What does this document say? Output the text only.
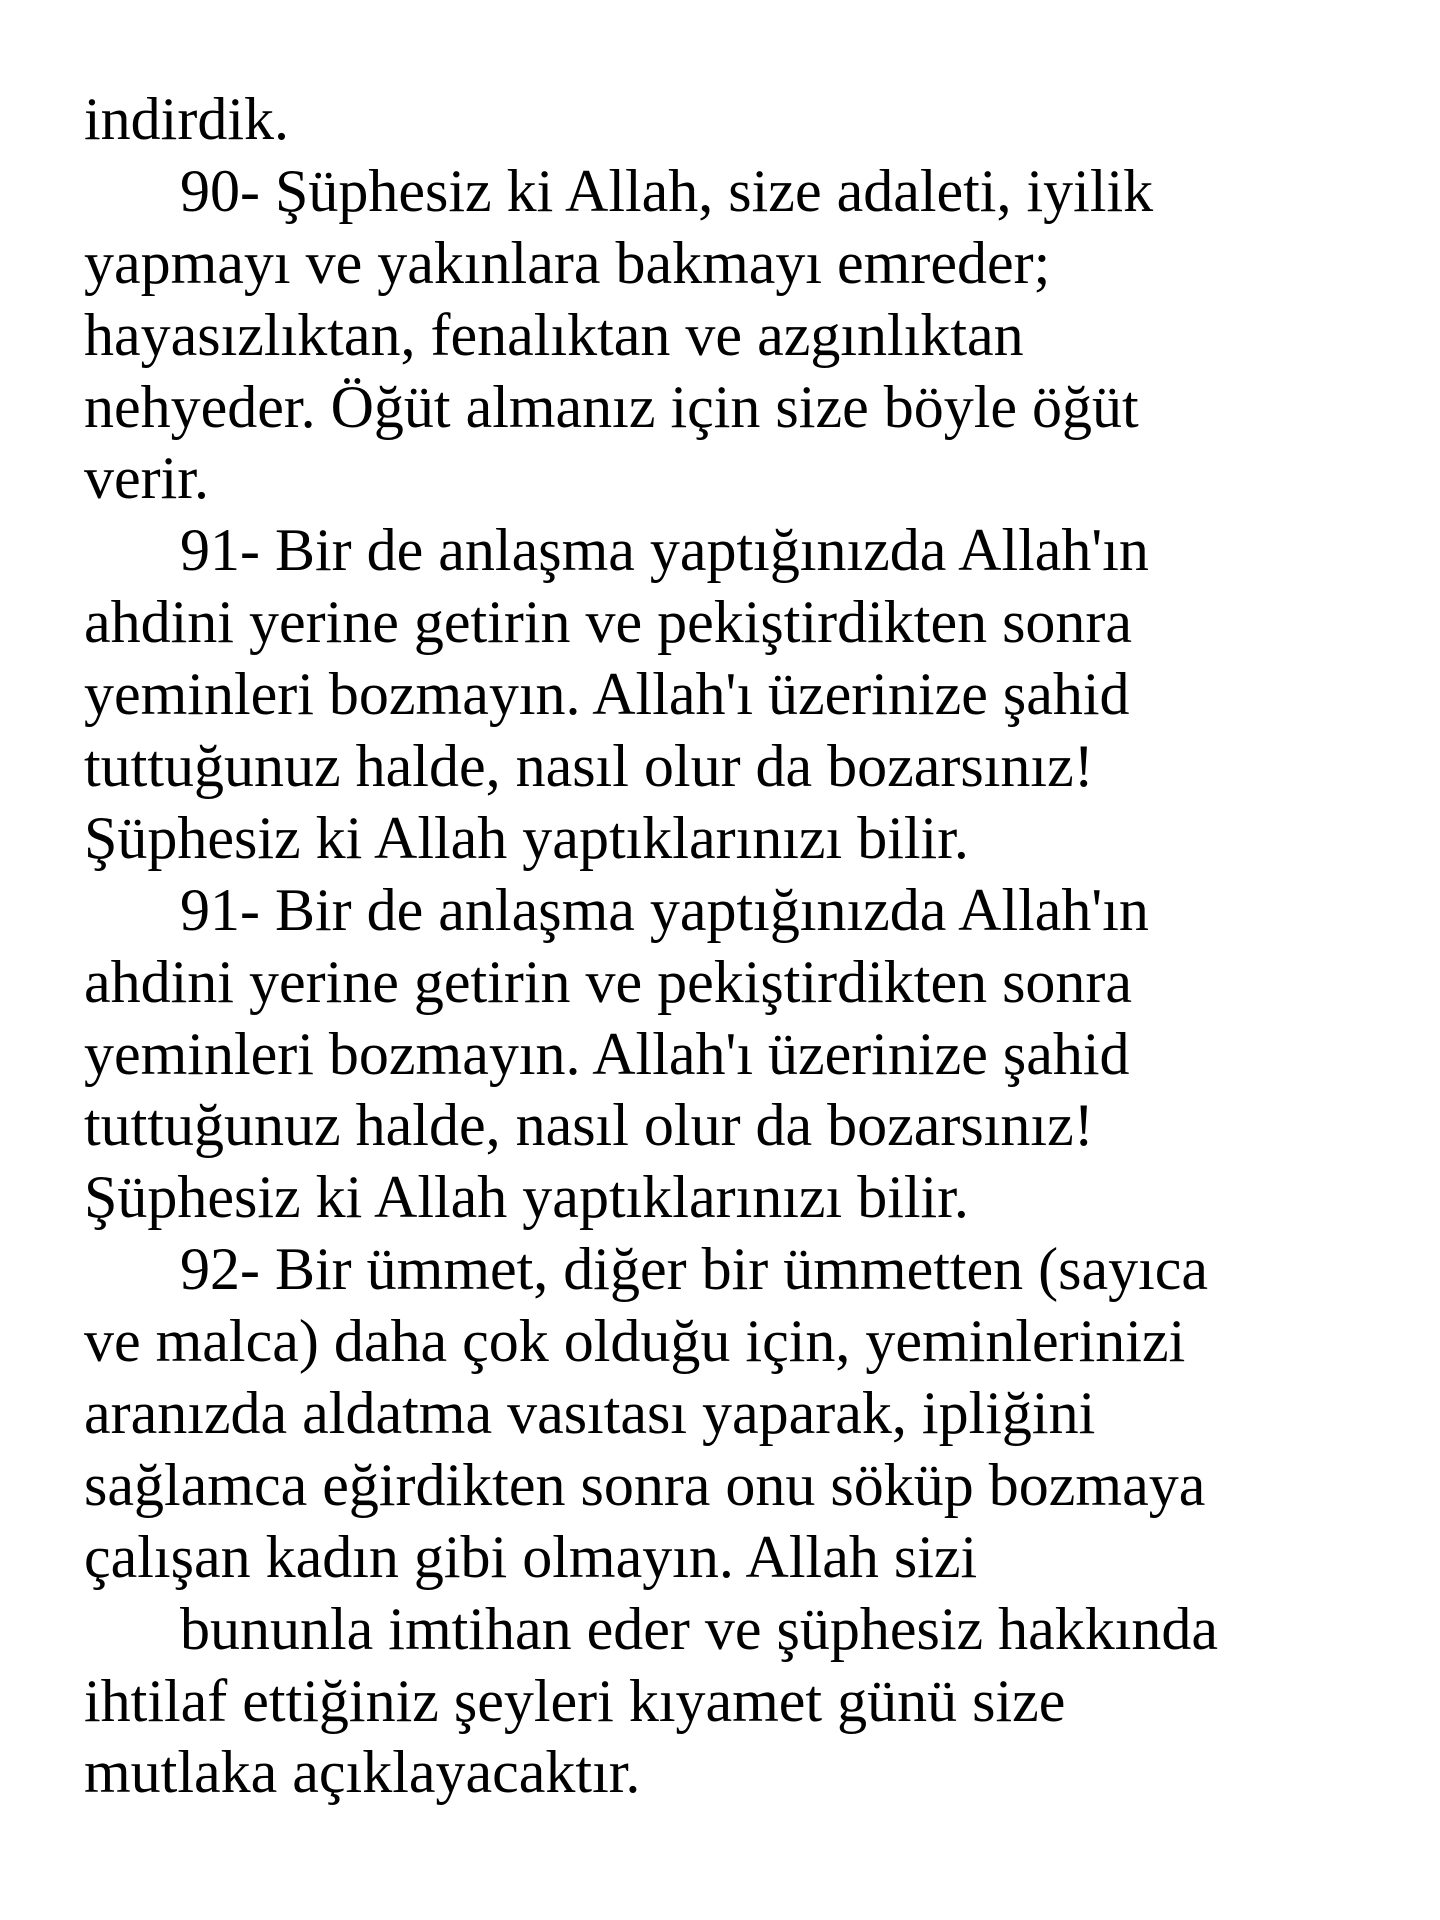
indirdik.
90- Şüphesiz ki Allah, size adaleti, iyilik
yapmayı ve yakınlara bakmayı emreder;
hayasızlıktan, fenalıktan ve azgınlıktan
nehyeder. Öğüt almanız için size böyle öğüt
verir.
91- Bir de anlaşma yaptığınızda Allah'ın
ahdini yerine getirin ve pekiştirdikten sonra
yeminleri bozmayın. Allah'ı üzerinize şahid
tuttuğunuz halde, nasıl olur da bozarsınız!
Şüphesiz ki Allah yaptıklarınızı bilir.
91- Bir de anlaşma yaptığınızda Allah'ın
ahdini yerine getirin ve pekiştirdikten sonra
yeminleri bozmayın. Allah'ı üzerinize şahid
tuttuğunuz halde, nasıl olur da bozarsınız!
Şüphesiz ki Allah yaptıklarınızı bilir.
92- Bir ümmet, diğer bir ümmetten (sayıca
ve malca) daha çok olduğu için, yeminlerinizi
aranızda aldatma vasıtası yaparak, ipliğini
sağlamca eğirdikten sonra onu söküp bozmaya
çalışan kadın gibi olmayın. Allah sizi
bununla imtihan eder ve şüphesiz hakkında
ihtilaf ettiğiniz şeyleri kıyamet günü size
mutlaka açıklayacaktır.
